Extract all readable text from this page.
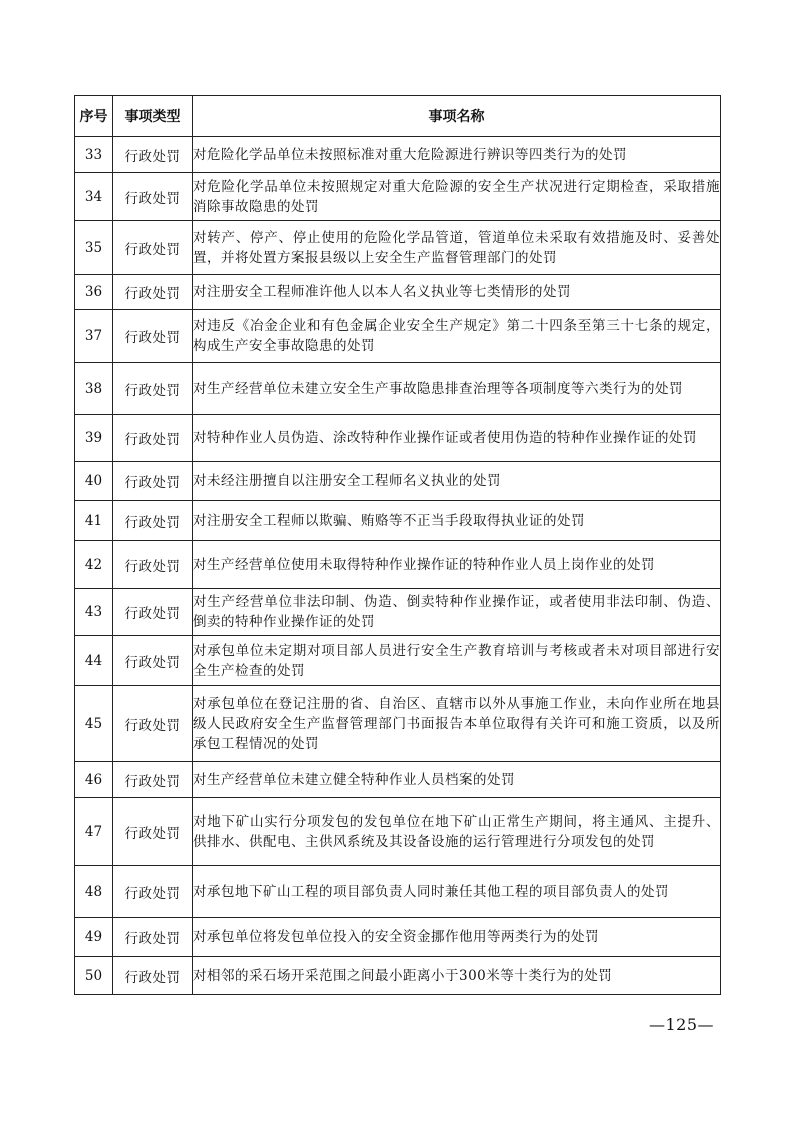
序号	事项类型	事项名称
33	行政处罚	对危险化学品单位未按照标准对重大危险源进行辨识等四类行为的处罚
34	行政处罚	对危险化学品单位未按照规定对重大危险源的安全生产状况进行定期检查，采取措施消除事故隐患的处罚
35	行政处罚	对转产、停产、停止使用的危险化学品管道，管道单位未采取有效措施及时、妥善处置，并将处置方案报县级以上安全生产监督管理部门的处罚
36	行政处罚	对注册安全工程师准许他人以本人名义执业等七类情形的处罚
37	行政处罚	对违反《冶金企业和有色金属企业安全生产规定》第二十四条至第三十七条的规定，构成生产安全事故隐患的处罚
38	行政处罚	对生产经营单位未建立安全生产事故隐患排查治理等各项制度等六类行为的处罚
39	行政处罚	对特种作业人员伪造、涂改特种作业操作证或者使用伪造的特种作业操作证的处罚
40	行政处罚	对未经注册擅自以注册安全工程师名义执业的处罚
41	行政处罚	对注册安全工程师以欺骗、贿赂等不正当手段取得执业证的处罚
42	行政处罚	对生产经营单位使用未取得特种作业操作证的特种作业人员上岗作业的处罚
43	行政处罚	对生产经营单位非法印制、伪造、倒卖特种作业操作证，或者使用非法印制、伪造、倒卖的特种作业操作证的处罚
44	行政处罚	对承包单位未定期对项目部人员进行安全生产教育培训与考核或者未对项目部进行安全生产检查的处罚
45	行政处罚	对承包单位在登记注册的省、自治区、直辖市以外从事施工作业，未向作业所在地县级人民政府安全生产监督管理部门书面报告本单位取得有关许可和施工资质，以及所承包工程情况的处罚
46	行政处罚	对生产经营单位未建立健全特种作业人员档案的处罚
47	行政处罚	对地下矿山实行分项发包的发包单位在地下矿山正常生产期间，将主通风、主提升、供排水、供配电、主供风系统及其设备设施的运行管理进行分项发包的处罚
48	行政处罚	对承包地下矿山工程的项目部负责人同时兼任其他工程的项目部负责人的处罚
49	行政处罚	对承包单位将发包单位投入的安全资金挪作他用等两类行为的处罚
50	行政处罚	对相邻的采石场开采范围之间最小距离小于300米等十类行为的处罚
—125—
